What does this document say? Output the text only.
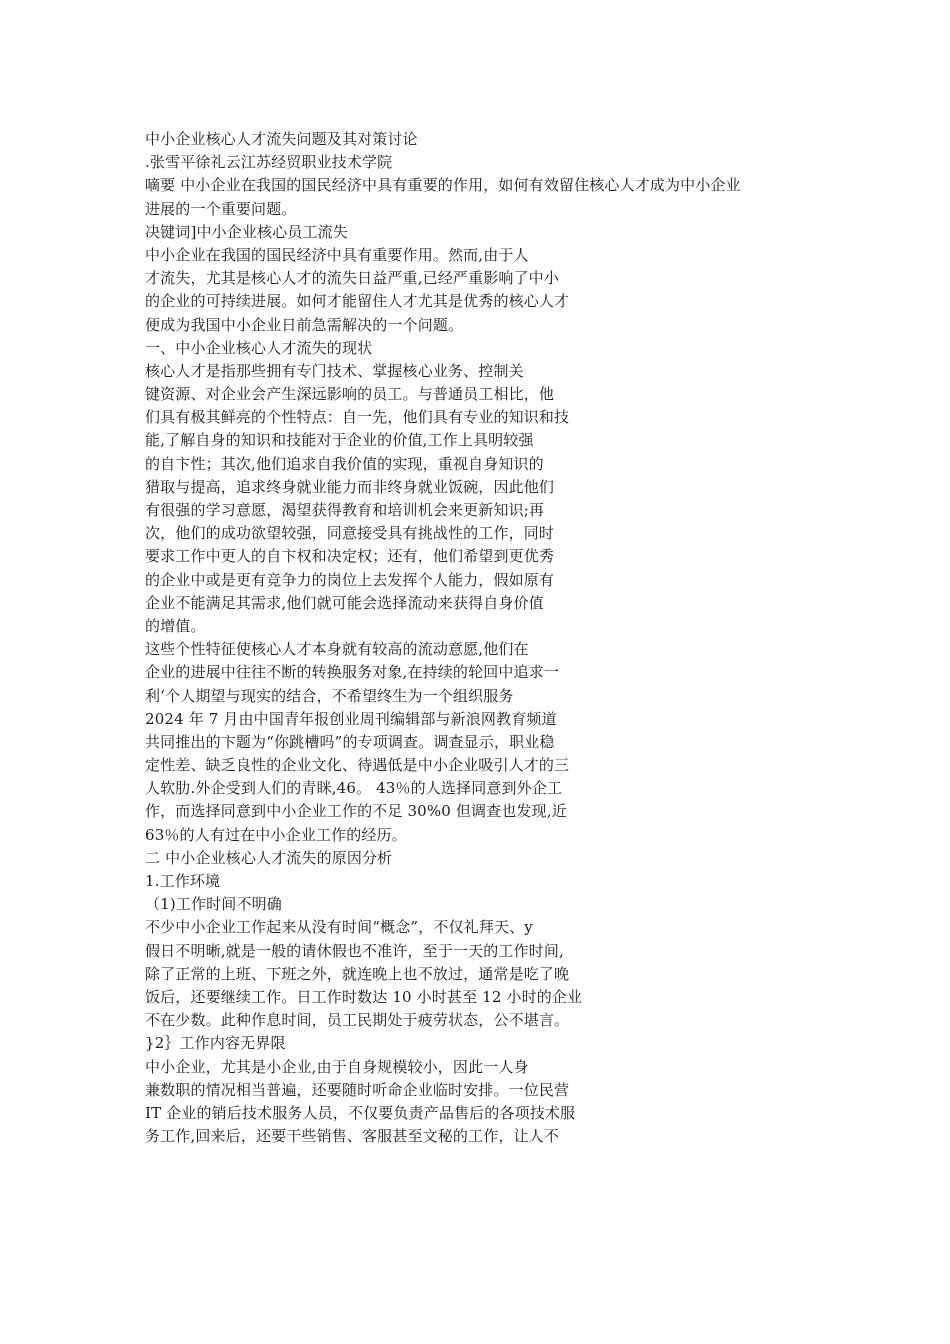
中小企业核心人才流失问题及其对策讨论
.张雪平徐礼云江苏经贸职业技术学院
嘀要 中小企业在我国的国民经济中具有重要的作用，如何有效留住核心人才成为中小企业
进展的一个重要问题。
决键词]中小企业核心员工流失
中小企业在我国的国民经济中具有重要作用。然而,由于人
才流失，尤其是核心人才的流失日益严重,已经严重影响了中小
的企业的可持续进展。如何才能留住人才尤其是优秀的核心人才
便成为我国中小企业日前急需解决的一个问题。
一、中小企业核心人才流失的现状
核心人才是指那些拥有专门技术、掌握核心业务、控制关
键资源、对企业会产生深远影响的员工。与普通员工相比，他
们具有极其鲜亮的个性特点：自一先，他们具有专业的知识和技
能,了解自身的知识和技能对于企业的价值,工作上具明较强
的自卞性；其次,他们追求自我价值的实现，重视自身知识的
猎取与提高，追求终身就业能力而非终身就业饭碗，因此他们
有很强的学习意愿，渴望获得教育和培训机会来更新知识;再
次，他们的成功欲望较强，同意接受具有挑战性的工作，同时
要求工作中更人的自卞权和决定权；还有，他们希望到更优秀
的企业中或是更有竞争力的岗位上去发挥个人能力，假如原有
企业不能满足其需求,他们就可能会选择流动来获得自身价值
的增值。
这些个性特征使核心人才本身就有较高的流动意愿,他们在
企业的进展中往往不断的转换服务对象,在持续的轮回中追求一
利‘个人期望与现实的结合，不希望终生为一个组织服务
2024 年 7 月由中国青年报创业周刊编辑部与新浪网教育频道
共同推出的卞题为“你跳槽吗”的专项调查。调查显示，职业稳
定性差、缺乏良性的企业文化、待遇低是中小企业吸引人才的三
人软肋.外企受到人们的青眯,46。 43％的人选择同意到外企工
作，而选择同意到中小企业工作的不足 30%0 但调查也发现,近
63％的人有过在中小企业工作的经历。
二 中小企业核心人才流失的原因分析
1.工作环境
（1)工作时间不明确
不少中小企业工作起来从没有时间“概念”，不仅礼拜天、y
假日不明晰,就是一般的请休假也不准许，至于一天的工作时间,
除了正常的上班、下班之外，就连晚上也不放过，通常是吃了晚
饭后，还要继续工作。日工作时数达 10 小时甚至 12 小时的企业
不在少数。此种作息时间，员工民期处于疲劳状态，公不堪言。
}2｝工作内容无界限
中小企业，尤其是小企业,由于自身规模较小，因此一人身
兼数职的情况相当普遍，还要随时听命企业临时安排。一位民营
IT 企业的销后技术服务人员，不仅要负责产品售后的各项技术服
务工作,回来后，还要干些销售、客服甚至文秘的工作，让人不
